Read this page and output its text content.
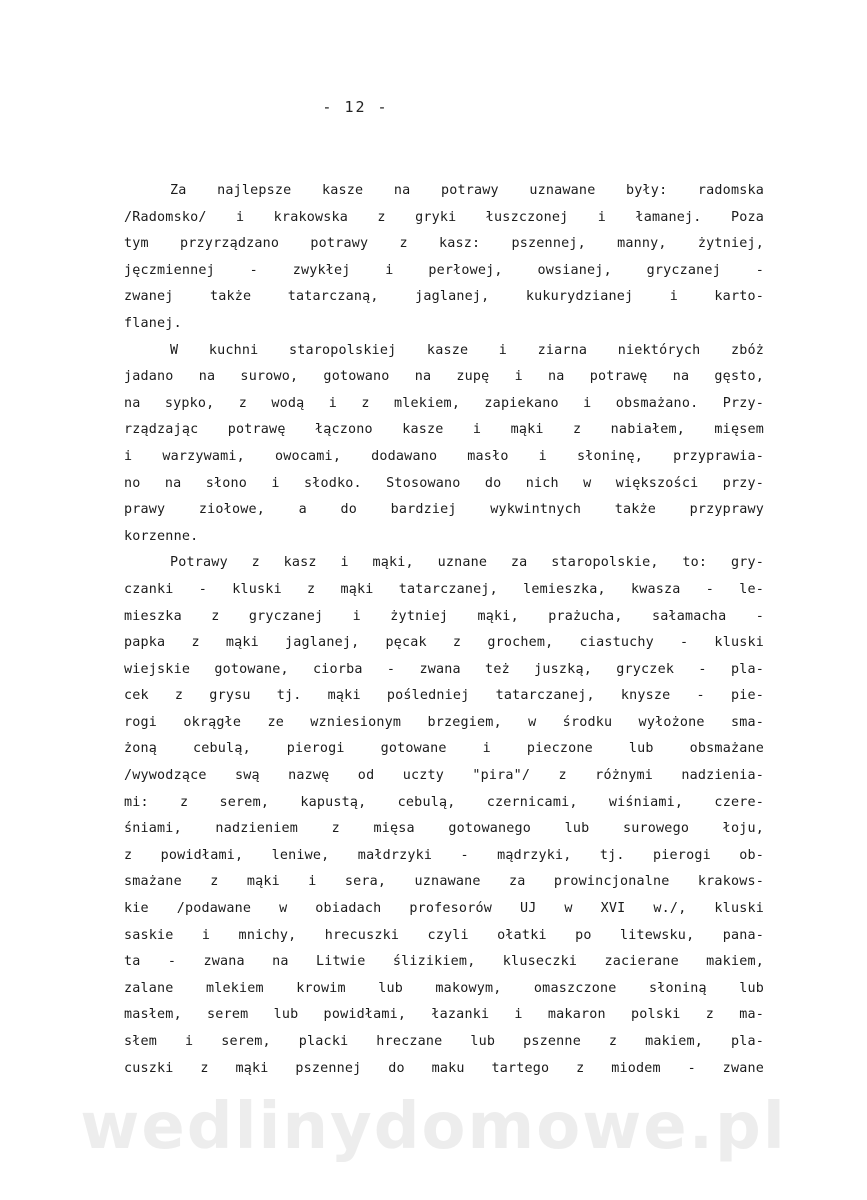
- 12 -
Za najlepsze kasze na potrawy uznawane były: radomska
/Radomsko/ i krakowska z gryki łuszczonej i łamanej. Poza
tym przyrządzano potrawy z kasz: pszennej, manny, żytniej,
jęczmiennej - zwykłej i perłowej, owsianej, gryczanej -
zwanej także tatarczaną, jaglanej, kukurydzianej i karto-
flanej.
W kuchni staropolskiej kasze i ziarna niektórych zbóż
jadano na surowo, gotowano na zupę i na potrawę na gęsto,
na sypko, z wodą i z mlekiem, zapiekano i obsmażano. Przy-
rządzając potrawę łączono kasze i mąki z nabiałem, mięsem
i warzywami, owocami, dodawano masło i słoninę, przyprawia-
no na słono i słodko. Stosowano do nich w większości przy-
prawy ziołowe, a do bardziej wykwintnych także przyprawy
korzenne.
Potrawy z kasz i mąki, uznane za staropolskie, to: gry-
czanki - kluski z mąki tatarczanej, lemieszka, kwasza - le-
mieszka z gryczanej i żytniej mąki, prażucha, sałamacha -
papka z mąki jaglanej, pęcak z grochem, ciastuchy - kluski
wiejskie gotowane, ciorba - zwana też juszką, gryczek - pla-
cek z grysu tj. mąki pośledniej tatarczanej, knysze - pie-
rogi okrągłe ze wzniesionym brzegiem, w środku wyłożone sma-
żoną cebulą, pierogi gotowane i pieczone lub obsmażane
/wywodzące swą nazwę od uczty "pira"/ z różnymi nadzienia-
mi: z serem, kapustą, cebulą, czernicami, wiśniami, czere-
śniami, nadzieniem z mięsa gotowanego lub surowego łoju,
z powidłami, leniwe, małdrzyki - mądrzyki, tj. pierogi ob-
smażane z mąki i sera, uznawane za prowincjonalne krakows-
kie /podawane w obiadach profesorów UJ w XVI w./, kluski
saskie i mnichy, hrecuszki czyli ołatki po litewsku, pana-
ta - zwana na Litwie ślizikiem, kluseczki zacierane makiem,
zalane mlekiem krowim lub makowym, omaszczone słoniną lub
masłem, serem lub powidłami, łazanki i makaron polski z ma-
słem i serem, placki hreczane lub pszenne z makiem, pla-
cuszki z mąki pszennej do maku tartego z miodem - zwane
wedlinydomowe.pl
